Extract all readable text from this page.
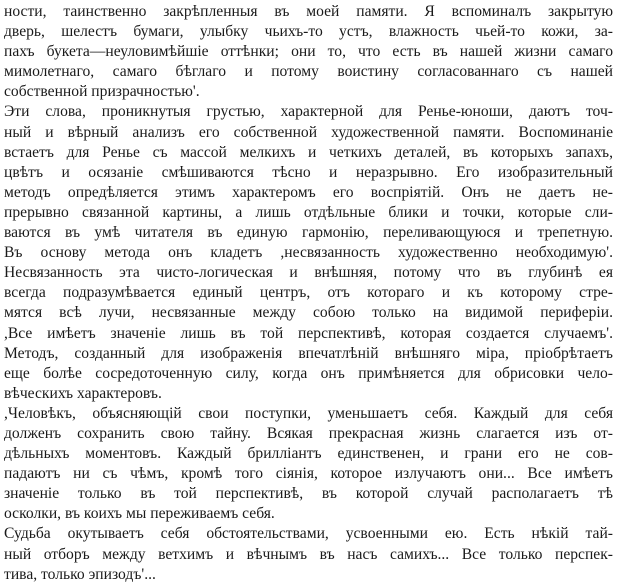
ности, таинственно закрѣпленныя въ моей памяти. Я вспоминалъ закрытую
дверь, шелестъ бумаги, улыбку чьихъ-то устъ, влажность чьей-то кожи, за-
пахъ букета—неуловимѣйшiе оттѣнки; они то, что есть въ нашей жизни самаго
мимолетнаго, самаго бѣглаго и потому воистину согласованнаго съ нашей
собственной призрачностью'.
Эти слова, проникнутыя грустью, характерной для Ренье-юноши, даютъ точ-
ный и вѣрный анализъ его собственной художественной памяти. Воспоминанiе
встаетъ для Ренье съ массой мелкихъ и четкихъ деталей, въ которыхъ запахъ,
цвѣтъ и осязанiе смѣшиваются тѣсно и неразрывно. Его изобразительный
методъ опредѣляется этимъ характеромъ его воспрiятiй. Онъ не даетъ не-
прерывно связанной картины, а лишь отдѣльные блики и точки, которые сли-
ваются въ умѣ читателя въ единую гармонiю, переливающуюся и трепетную.
Въ основу метода онъ кладетъ ,несвязанность художественно необходимую'.
Несвязанность эта чисто-логическая и внѣшняя, потому что въ глубинѣ ея
всегда подразумѣвается единый центръ, отъ котораго и къ которому стре-
мятся всѣ лучи, несвязанные между собою только на видимой периферiи.
,Все имѣетъ значенiе лишь въ той перспективѣ, которая создается случаемъ'.
Методъ, созданный для изображенiя впечатлѣнiй внѣшняго мiра, прiобрѣтаетъ
еще болѣе сосредоточенную силу, когда онъ примѣняется для обрисовки чело-
вѣческихъ характеровъ.
,Человѣкъ, объясняющiй свои поступки, уменьшаетъ себя. Каждый для себя
долженъ сохранить свою тайну. Всякая прекрасная жизнь слагается изъ от-
дѣльныхъ моментовъ. Каждый брилліантъ единственен, и грани его не сов-
падаютъ ни съ чѣмъ, кромѣ того сiянiя, которое излучаютъ они... Все имѣетъ
значенiе только въ той перспективѣ, въ которой случай располагаетъ тѣ
осколки, въ коихъ мы переживаемъ себя.
Судьба окутываетъ себя обстоятельствами, усвоенными ею. Есть нѣкiй тай-
ный отборъ между ветхимъ и вѣчнымъ въ насъ самихъ... Все только перспек-
тива, только эпизодъ'...
